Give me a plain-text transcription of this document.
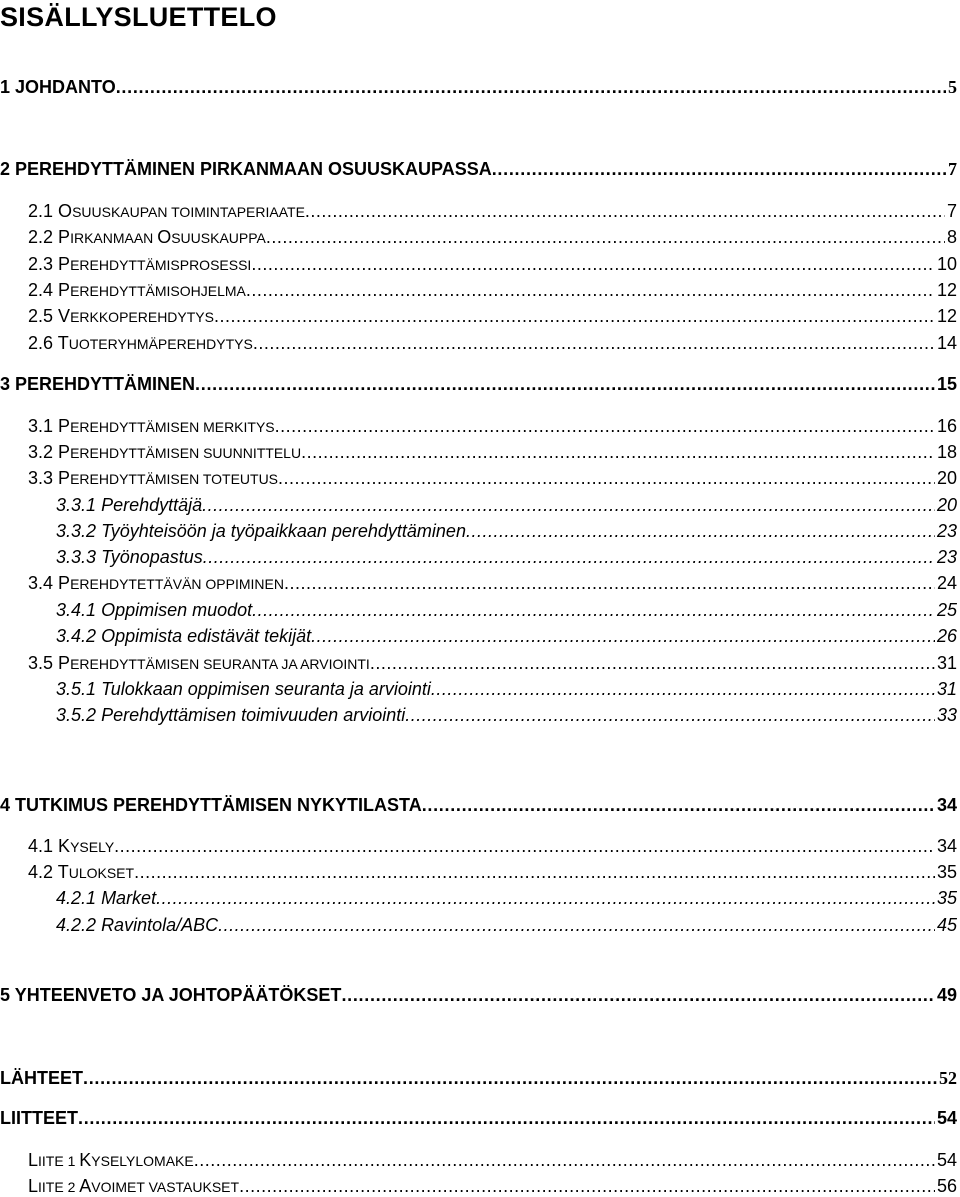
SISÄLLYSLUETTELO
1 JOHDANTO .....	5
2 PEREHDYTTÄMINEN PIRKANMAAN OSUUSKAUPASSA .....	7
2.1 OSUUSKAUPAN TOIMINTAPERIAATE .....	7
2.2 PIRKANMAAN OSUUSKAUPPA .....	8
2.3 PEREHDYTTÄMISPROSESSI .....	10
2.4 PEREHDYTTÄMISOHJELMA .....	12
2.5 VERKKOPEREHDYTYS .....	12
2.6 TUOTERYHMÄPEREHDYTYS .....	14
3 PEREHDYTTÄMINEN .....	15
3.1 PEREHDYTTÄMISEN MERKITYS .....	16
3.2 PEREHDYTTÄMISEN SUUNNITTELU .....	18
3.3 PEREHDYTTÄMISEN TOTEUTUS .....	20
3.3.1 Perehdyttäjä .....	20
3.3.2 Työyhteisöön ja työpaikkaan perehdyttäminen .....	23
3.3.3 Työnopastus .....	23
3.4 PEREHDYTETTÄVÄN OPPIMINEN .....	24
3.4.1 Oppimisen muodot .....	25
3.4.2 Oppimista edistävät tekijät .....	26
3.5 PEREHDYTTÄMISEN SEURANTA JA ARVIOINTI .....	31
3.5.1 Tulokkaan oppimisen seuranta ja arviointi .....	31
3.5.2 Perehdyttämisen toimivuuden arviointi .....	33
4 TUTKIMUS PEREHDYTTÄMISEN NYKYTILASTA .....	34
4.1 KYSELY .....	34
4.2 TULOKSET .....	35
4.2.1 Market .....	35
4.2.2 Ravintola/ABC .....	45
5 YHTEENVETO JA JOHTOPÄÄTÖKSET .....	49
LÄHTEET .....	52
LIITTEET .....	54
LIITE 1 KYSELYLOMAKE .....	54
LIITE 2 AVOIMET VASTAUKSET .....	56
